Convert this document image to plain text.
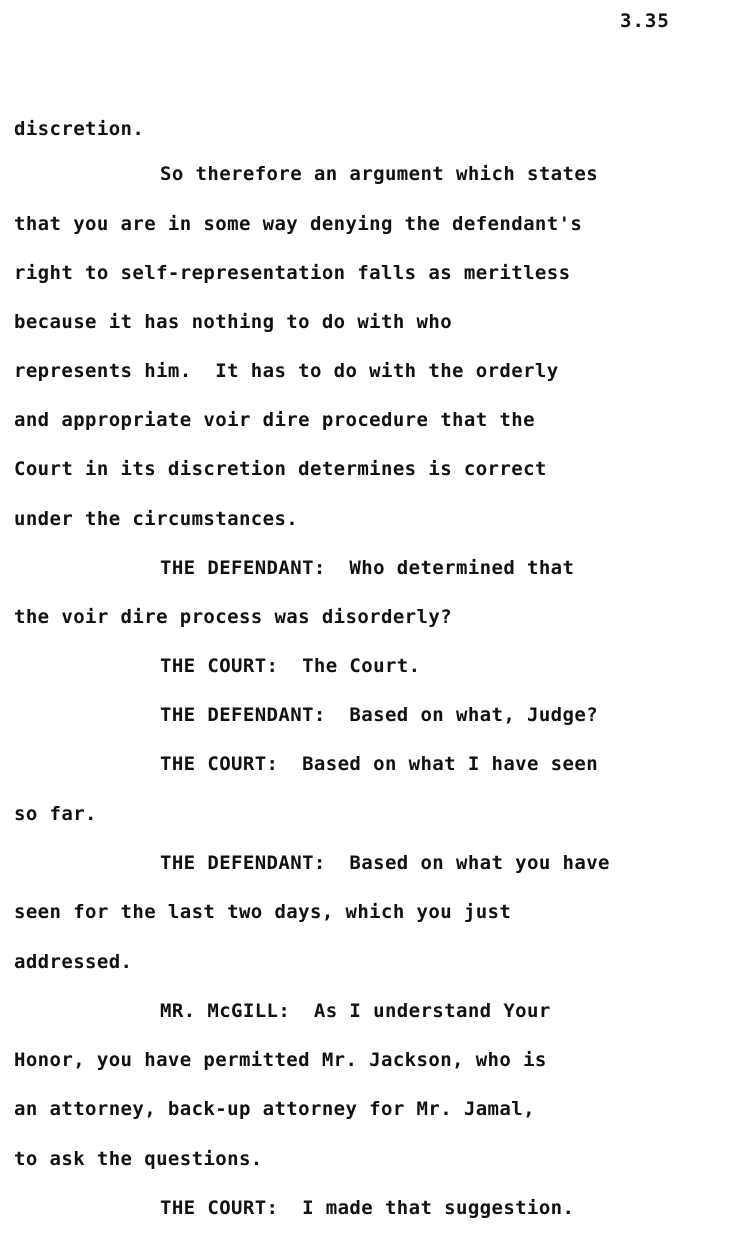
3.35
discretion.
So therefore an argument which states
that you are in some way denying the defendant's
right to self-representation falls as meritless
because it has nothing to do with who
represents him.  It has to do with the orderly
and appropriate voir dire procedure that the
Court in its discretion determines is correct
under the circumstances.
THE DEFENDANT:  Who determined that
the voir dire process was disorderly?
THE COURT:  The Court.
THE DEFENDANT:  Based on what, Judge?
THE COURT:  Based on what I have seen
so far.
THE DEFENDANT:  Based on what you have
seen for the last two days, which you just
addressed.
MR. McGILL:  As I understand Your
Honor, you have permitted Mr. Jackson, who is
an attorney, back-up attorney for Mr. Jamal,
to ask the questions.
THE COURT:  I made that suggestion.
